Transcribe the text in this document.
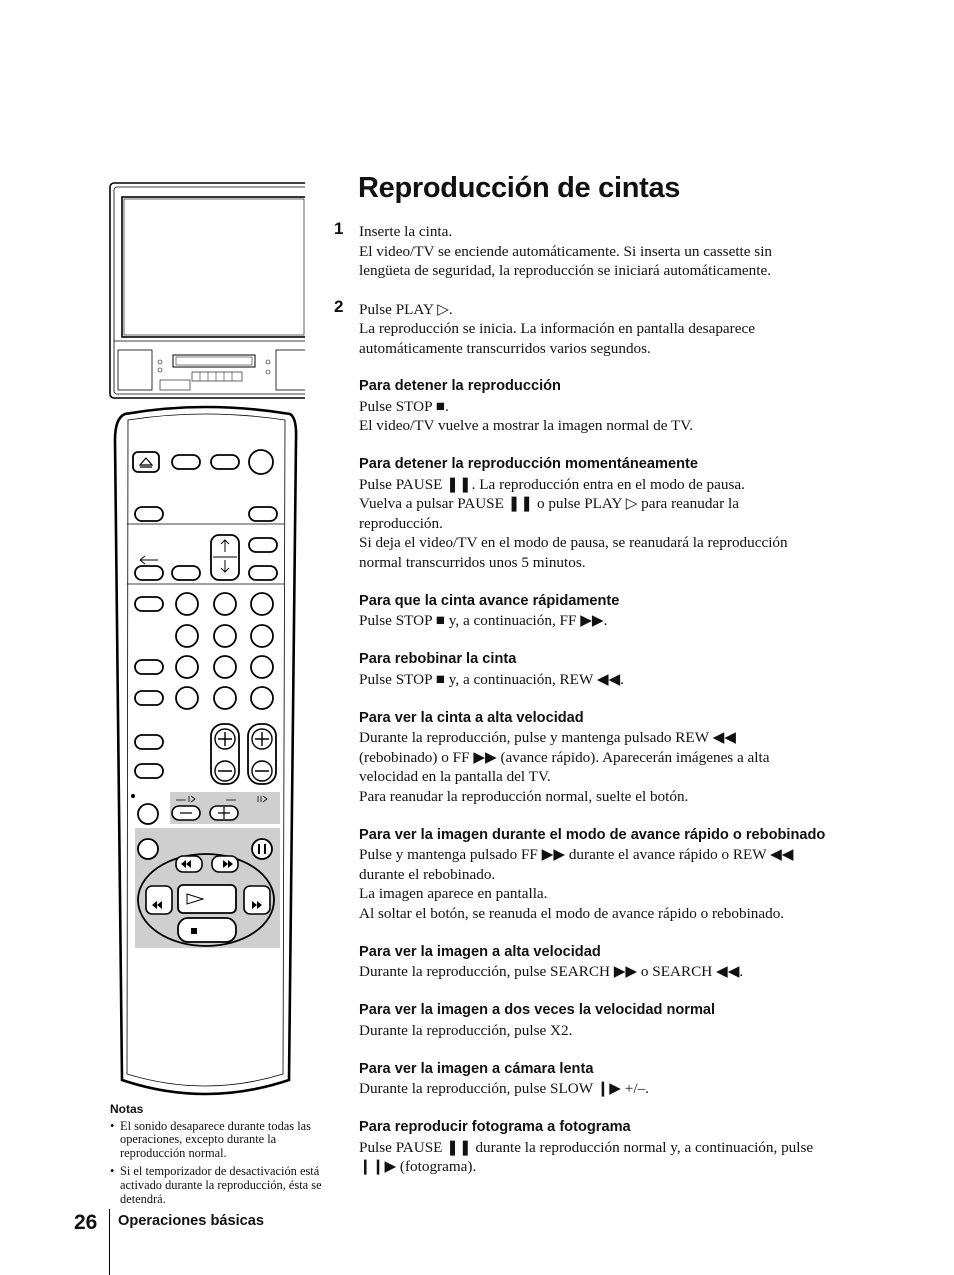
Reproducción de cintas
1 Inserte la cinta.
El video/TV se enciende automáticamente. Si inserta un cassette sin
lengüeta de seguridad, la reproducción se iniciará automáticamente.
2 Pulse PLAY ▷.
La reproducción se inicia. La información en pantalla desaparece
automáticamente transcurridos varios segundos.
Para detener la reproducción
Pulse STOP ■.
El video/TV vuelve a mostrar la imagen normal de TV.
Para detener la reproducción momentáneamente
Pulse PAUSE ❚❚. La reproducción entra en el modo de pausa.
Vuelva a pulsar PAUSE ❚❚ o pulse PLAY ▷ para reanudar la
reproducción.
Si deja el video/TV en el modo de pausa, se reanudará la reproducción
normal transcurridos unos 5 minutos.
Para que la cinta avance rápidamente
Pulse STOP ■ y, a continuación, FF ▶▶.
Para rebobinar la cinta
Pulse STOP ■ y, a continuación, REW ◀◀.
Para ver la cinta a alta velocidad
Durante la reproducción, pulse y mantenga pulsado REW ◀◀
(rebobinado) o FF ▶▶ (avance rápido). Aparecerán imágenes a alta
velocidad en la pantalla del TV.
Para reanudar la reproducción normal, suelte el botón.
Para ver la imagen durante el modo de avance rápido o rebobinado
Pulse y mantenga pulsado FF ▶▶ durante el avance rápido o REW ◀◀
durante el rebobinado.
La imagen aparece en pantalla.
Al soltar el botón, se reanuda el modo de avance rápido o rebobinado.
Para ver la imagen a alta velocidad
Durante la reproducción, pulse SEARCH ▶▶ o SEARCH ◀◀.
Para ver la imagen a dos veces la velocidad normal
Durante la reproducción, pulse X2.
Para ver la imagen a cámara lenta
Durante la reproducción, pulse SLOW ❙▶ +/–.
Para reproducir fotograma a fotograma
Pulse PAUSE ❚❚ durante la reproducción normal y, a continuación, pulse
❙❙▶ (fotograma).
Notas
• El sonido desaparece durante todas las operaciones, excepto durante la reproducción normal.
• Si el temporizador de desactivación está activado durante la reproducción, ésta se detendrá.
26 Operaciones básicas
